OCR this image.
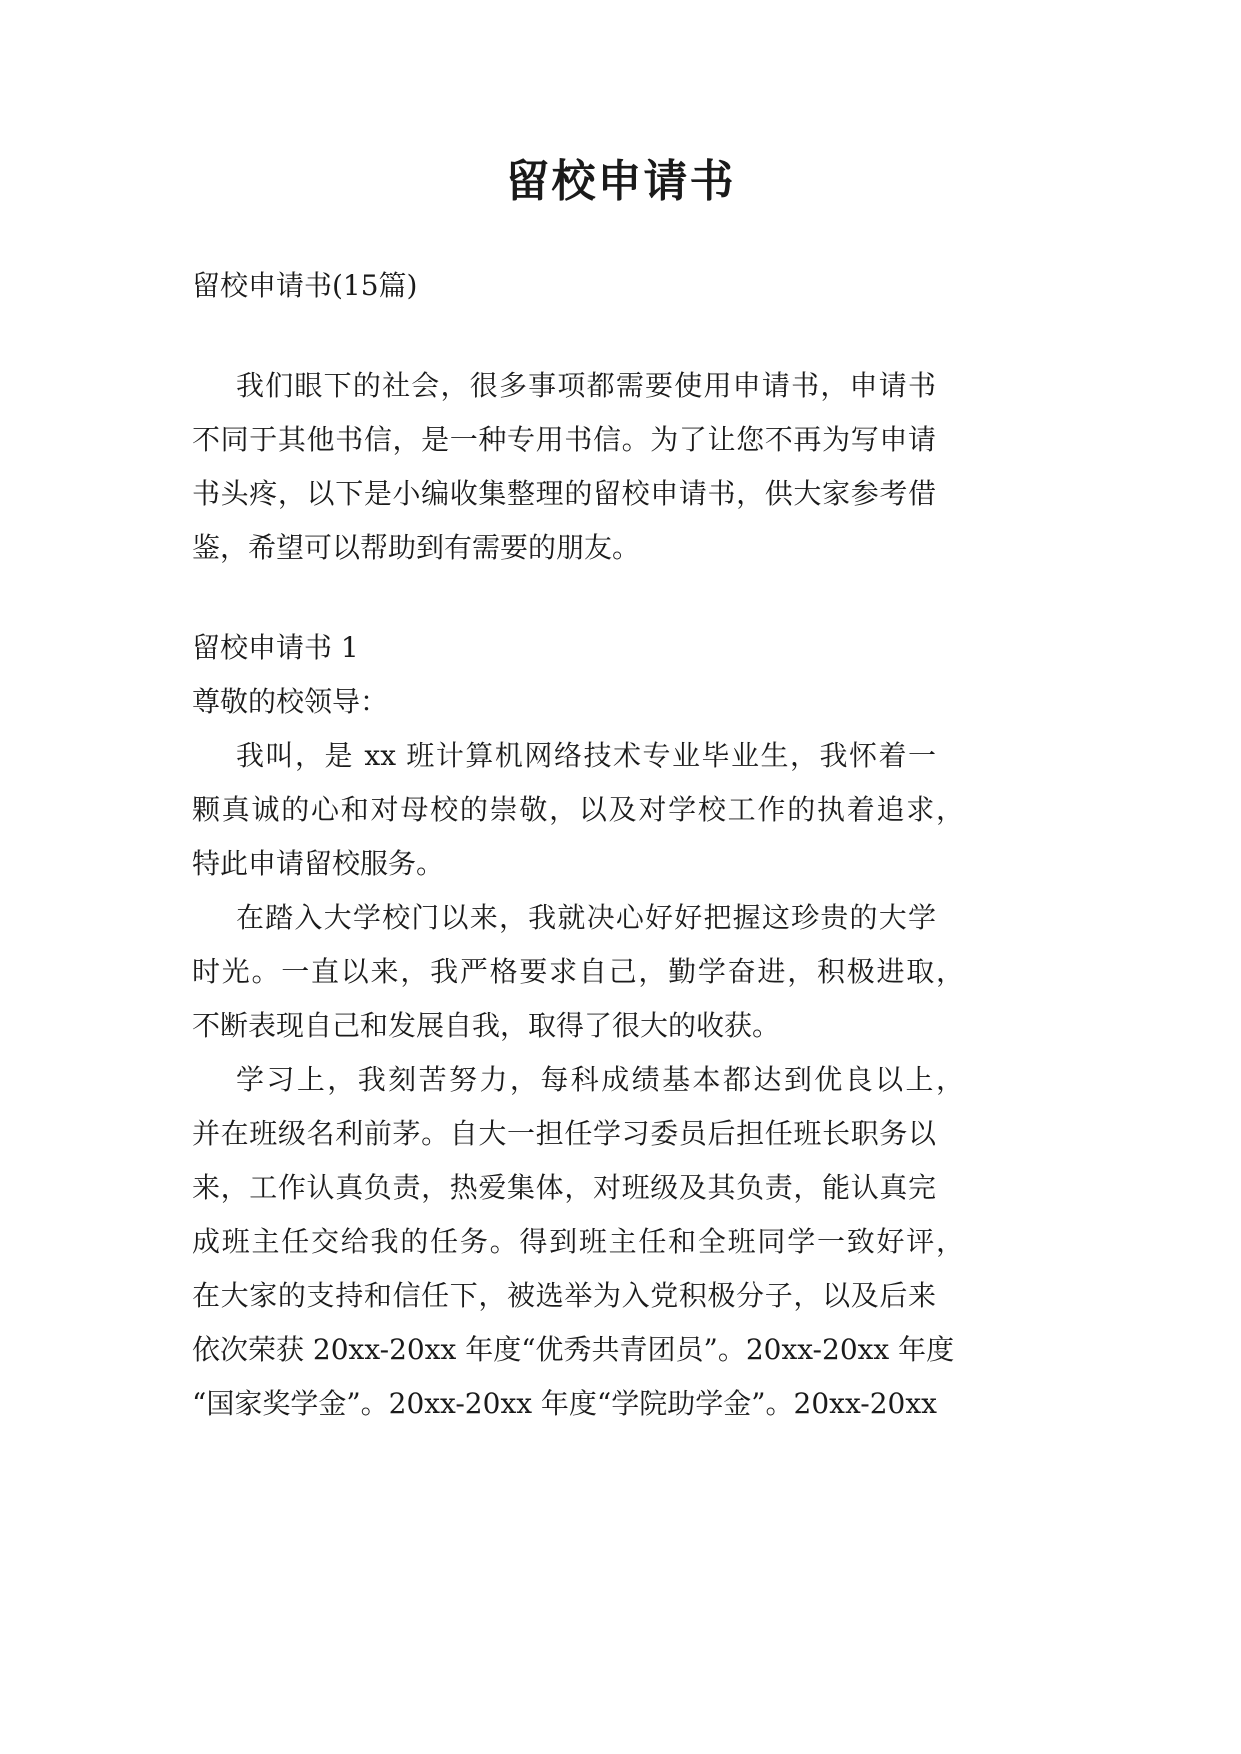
留校申请书
留校申请书(15篇)
我们眼下的社会，很多事项都需要使用申请书，申请书
不同于其他书信，是一种专用书信。为了让您不再为写申请
书头疼，以下是小编收集整理的留校申请书，供大家参考借
鉴，希望可以帮助到有需要的朋友。
留校申请书 1
尊敬的校领导：
我叫，是 xx 班计算机网络技术专业毕业生，我怀着一
颗真诚的心和对母校的崇敬，以及对学校工作的执着追求，
特此申请留校服务。
在踏入大学校门以来，我就决心好好把握这珍贵的大学
时光。一直以来，我严格要求自己，勤学奋进，积极进取，
不断表现自己和发展自我，取得了很大的收获。
学习上，我刻苦努力，每科成绩基本都达到优良以上，
并在班级名利前茅。自大一担任学习委员后担任班长职务以
来，工作认真负责，热爱集体，对班级及其负责，能认真完
成班主任交给我的任务。得到班主任和全班同学一致好评，
在大家的支持和信任下，被选举为入党积极分子，以及后来
依次荣获 20xx-20xx 年度“优秀共青团员”。20xx-20xx 年度
“国家奖学金”。20xx-20xx 年度“学院助学金”。20xx-20xx
